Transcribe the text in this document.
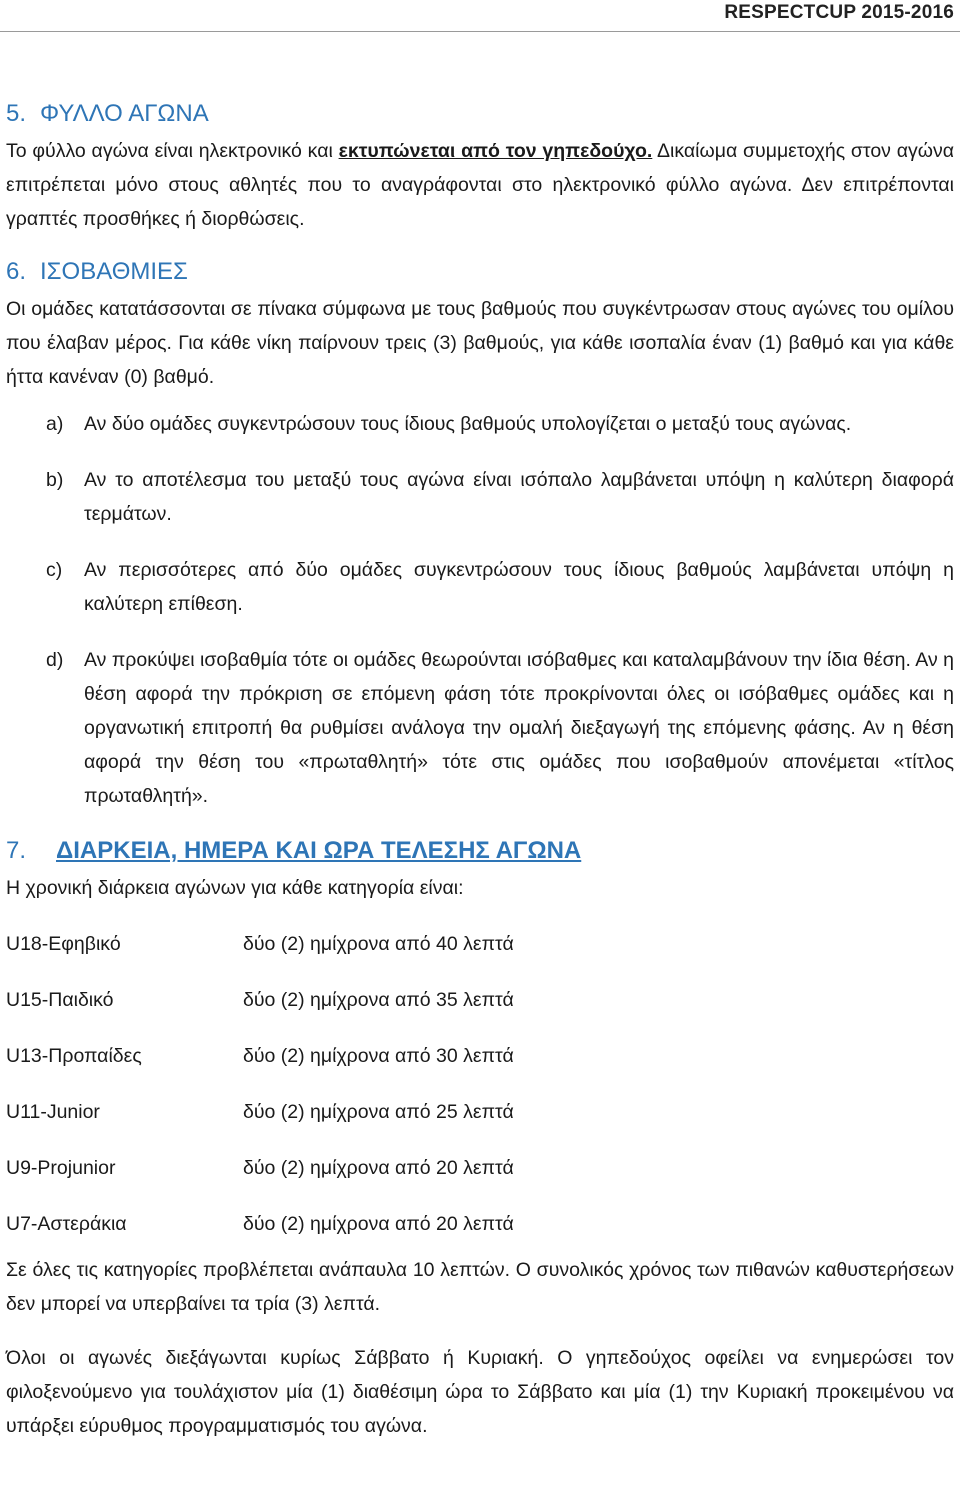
RESPECTCUP 2015-2016
5. ΦΥΛΛΟ ΑΓΩΝΑ

Το φύλλο αγώνα είναι ηλεκτρονικό και εκτυπώνεται από τον γηπεδούχο. Δικαίωμα συμμετοχής στον αγώνα επιτρέπεται μόνο στους αθλητές που το αναγράφονται στο ηλεκτρονικό φύλλο αγώνα. Δεν επιτρέπονται γραπτές προσθήκες ή διορθώσεις.

6. ΙΣΟΒΑΘΜΙΕΣ

Οι ομάδες κατατάσσονται σε πίνακα σύμφωνα με τους βαθμούς που συγκέντρωσαν στους αγώνες του ομίλου που έλαβαν μέρος. Για κάθε νίκη παίρνουν τρεις (3) βαθμούς, για κάθε ισοπαλία έναν (1) βαθμό και για κάθε ήττα κανέναν (0) βαθμό.

a) Αν δύο ομάδες συγκεντρώσουν τους ίδιους βαθμούς υπολογίζεται ο μεταξύ τους αγώνας.
b) Αν το αποτέλεσμα του μεταξύ τους αγώνα είναι ισόπαλο λαμβάνεται υπόψη η καλύτερη διαφορά τερμάτων.
c) Αν περισσότερες από δύο ομάδες συγκεντρώσουν τους ίδιους βαθμούς λαμβάνεται υπόψη η καλύτερη επίθεση.
d) Αν προκύψει ισοβαθμία τότε οι ομάδες θεωρούνται ισόβαθμες και καταλαμβάνουν την ίδια θέση. Αν η θέση αφορά την πρόκριση σε επόμενη φάση τότε προκρίνονται όλες οι ισόβαθμες ομάδες και η οργανωτική επιτροπή θα ρυθμίσει ανάλογα την ομαλή διεξαγωγή της επόμενης φάσης. Αν η θέση αφορά την θέση του «πρωταθλητή» τότε στις ομάδες που ισοβαθμούν απονέμεται «τίτλος πρωταθλητή».
7. ΔΙΑΡΚΕΙΑ, ΗΜΕΡΑ ΚΑΙ ΩΡΑ ΤΕΛΕΣΗΣ ΑΓΩΝΑ

Η χρονική διάρκεια αγώνων για κάθε κατηγορία είναι:

U18-Εφηβικό	δύο (2) ημίχρονα από 40 λεπτά
U15-Παιδικό	δύο (2) ημίχρονα από 35 λεπτά
U13-Προπαίδες	δύο (2) ημίχρονα από 30 λεπτά
U11-Junior	δύο (2) ημίχρονα από 25 λεπτά
U9-Projunior	δύο (2) ημίχρονα από 20 λεπτά
U7-Αστεράκια	δύο (2) ημίχρονα από 20 λεπτά

Σε όλες τις κατηγορίες προβλέπεται ανάπαυλα 10 λεπτών. Ο συνολικός χρόνος των πιθανών καθυστερήσεων δεν μπορεί να υπερβαίνει τα τρία (3) λεπτά.

Όλοι οι αγωνές διεξάγωνται κυρίως Σάββατο ή Κυριακή. Ο γηπεδούχος οφείλει να ενημερώσει τον φιλοξενούμενο για τουλάχιστον μία (1) διαθέσιμη ώρα το Σάββατο και μία (1) την Κυριακή προκειμένου να υπάρξει εύρυθμος προγραμματισμός του αγώνα.
